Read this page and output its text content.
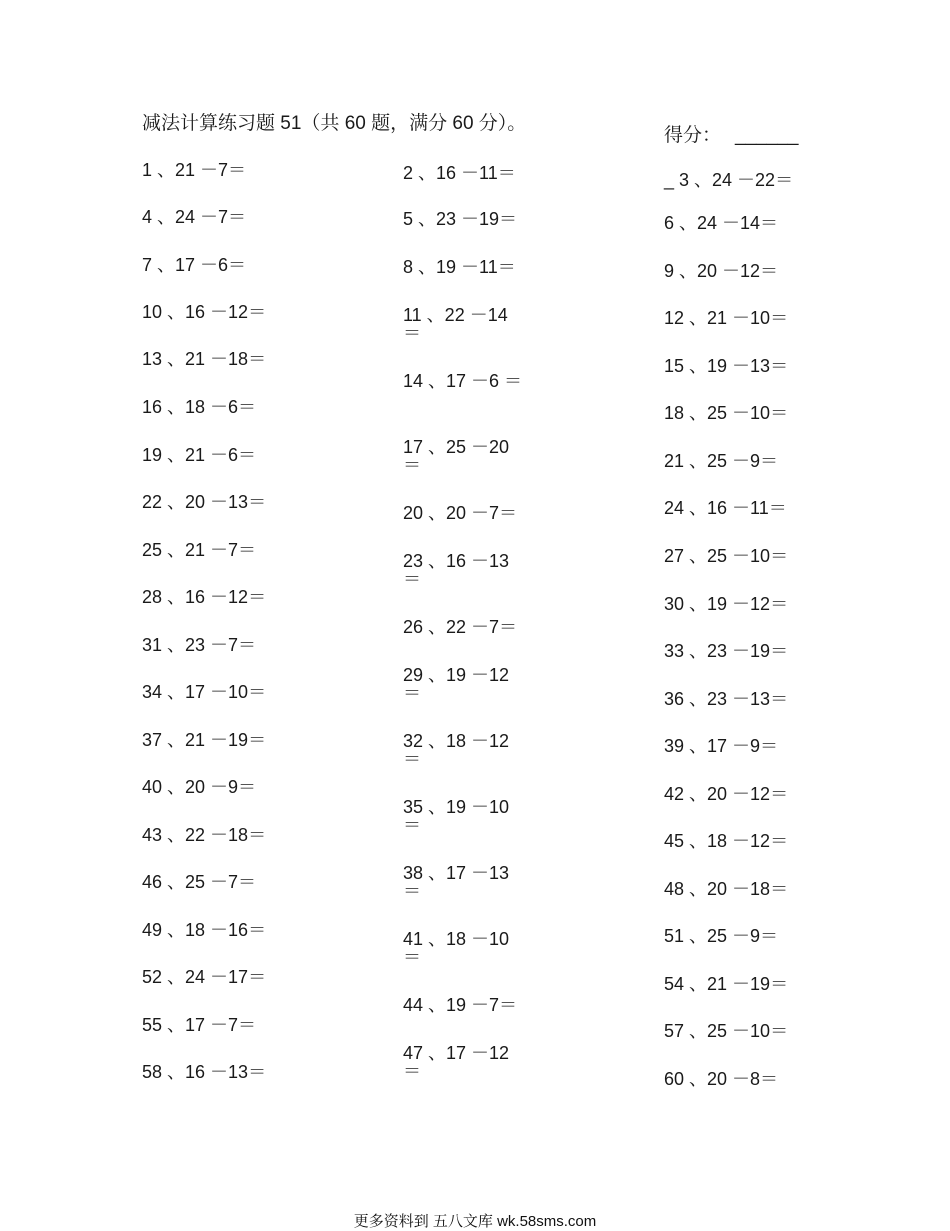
减法计算练习题 51（共 60 题，满分 60 分）。
得分： ______
1 、21 －7＝
4 、24 －7＝
7 、17 －6＝
10 、16 －12＝
13 、21 －18＝
16 、18 －6＝
19 、21 －6＝
22 、20 －13＝
25 、21 －7＝
28 、16 －12＝
31 、23 －7＝
34 、17 －10＝
37 、21 －19＝
40 、20 －9＝
43 、22 －18＝
46 、25 －7＝
49 、18 －16＝
52 、24 －17＝
55 、17 －7＝
58 、16 －13＝
2 、16 －11＝
5 、23 －19＝
8 、19 －11＝
11 、22 －14 ＝
14 、17 －6 ＝
17 、25 －20 ＝
20 、20 －7＝
23 、16 －13 ＝
26 、22 －7＝
29 、19 －12 ＝
32 、18 －12 ＝
35 、19 －10 ＝
38 、17 －13 ＝
41 、18 －10 ＝
44 、19 －7＝
47 、17 －12 ＝
_ 3 、24 －22＝
6 、24 －14＝
9 、20 －12＝
12 、21 －10＝
15 、19 －13＝
18 、25 －10＝
21 、25 －9＝
24 、16 －11＝
27 、25 －10＝
30 、19 －12＝
33 、23 －19＝
36 、23 －13＝
39 、17 －9＝
42 、20 －12＝
45 、18 －12＝
48 、20 －18＝
51 、25 －9＝
54 、21 －19＝
57 、25 －10＝
60 、20 －8＝
更多资料到 五八文库 wk.58sms.com
